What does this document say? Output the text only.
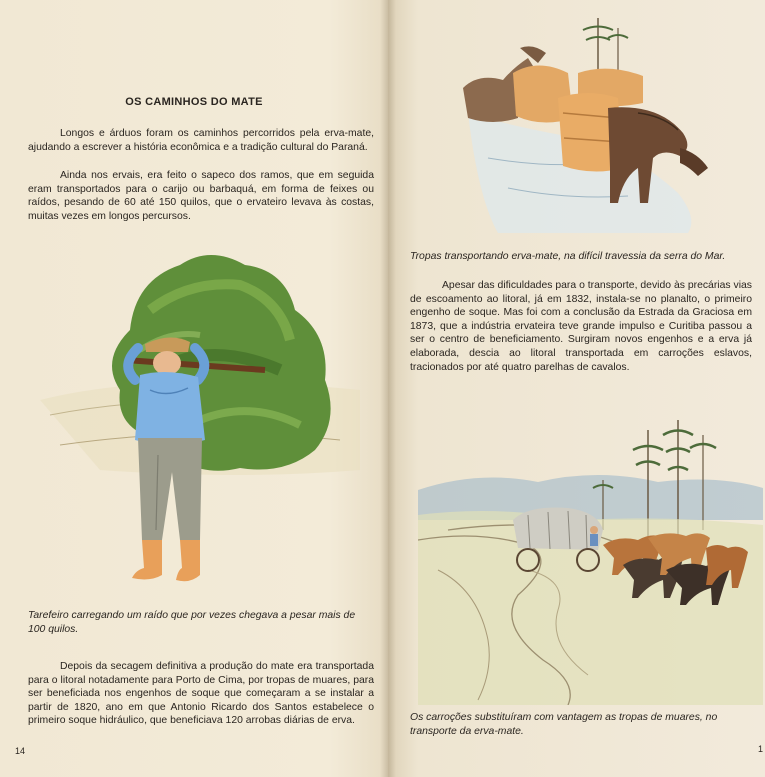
OS CAMINHOS DO MATE

Longos e árduos foram os caminhos percorridos pela erva-mate, ajudando a escrever a história econômica e a tradição cultural do Paraná.

Ainda nos ervais, era feito o sapeco dos ramos, que em seguida eram transportados para o carijo ou barbaquá, em forma de feixes ou raídos, pesando de 60 até 150 quilos, que o ervateiro levava às costas, muitas vezes em longos percursos.

Tarefeiro carregando um raído que por vezes chegava a pesar mais de 100 quilos.

Depois da secagem definitiva a produção do mate era transportada para o litoral notadamente para Porto de Cima, por tropas de muares, para ser beneficiada nos engenhos de soque que começaram a se instalar a partir de 1820, ano em que Antonio Ricardo dos Santos estabelece o primeiro soque hidráulico, que beneficiava 120 arrobas diárias de erva.

14

Tropas transportando erva-mate, na difícil travessia da serra do Mar.

Apesar das dificuldades para o transporte, devido às precárias vias de escoamento ao litoral, já em 1832, instala-se no planalto, o primeiro engenho de soque. Mas foi com a conclusão da Estrada da Graciosa em 1873, que a indústria ervateira teve grande impulso e Curitiba passou a ser o centro de beneficiamento. Surgiram novos engenhos e a erva já elaborada, descia ao litoral transportada em carroções eslavos, tracionados por até quatro parelhas de cavalos.

Os carroções substituíram com vantagem as tropas de muares, no transporte da erva-mate.

1
